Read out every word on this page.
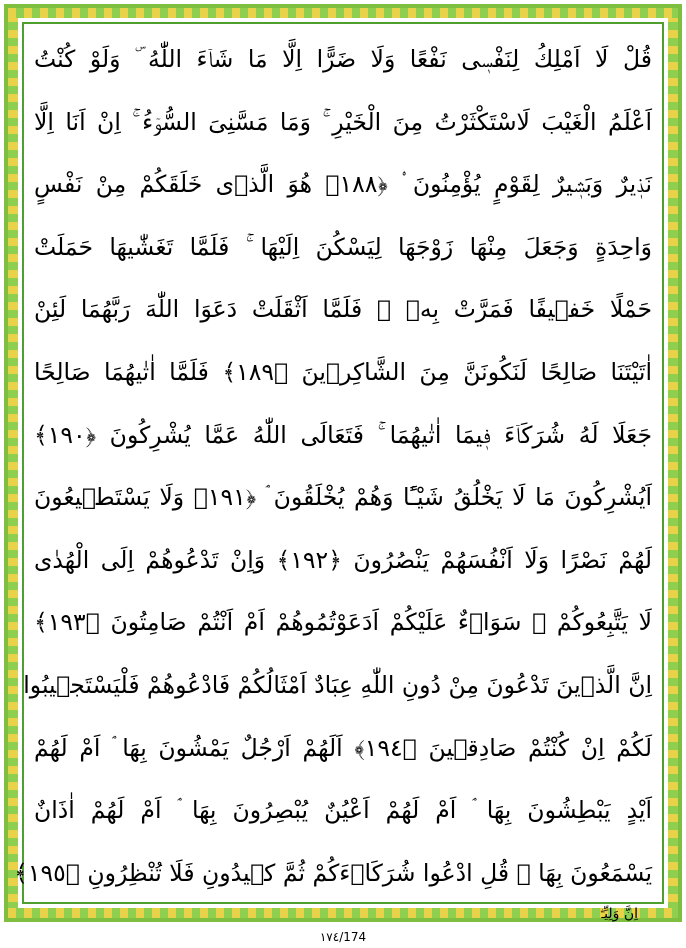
قُلْ لَا اَمْلِكُ لِنَفْسٖى نَفْعًا وَلَا ضَرًّا اِلَّا مَا شَاۤءَ اللّٰهُ ۜ وَلَوْ كُنْتُ
اَعْلَمُ الْغَيْبَ لَاسْتَكْثَرْتُ مِنَ الْخَيْرِ ۚ وَمَا مَسَّنِىَ السُّوۤءُ ۚ اِنْ اَنَا اِلَّا
نَذٖيرٌ وَبَشٖيرٌ لِقَوْمٍ يُؤْمِنُونَ ۟ ﴿١٨٨﴾ هُوَ الَّذٖى خَلَقَكُمْ مِنْ نَفْسٍ
وَاحِدَةٍ وَجَعَلَ مِنْهَا زَوْجَهَا لِيَسْكُنَ اِلَيْهَا ۚ فَلَمَّا تَغَشّٰيهَا حَمَلَتْ
حَمْلًا خَفٖيفًا فَمَرَّتْ بِهٖ ۚ فَلَمَّا اَثْقَلَتْ دَعَوَا اللّٰهَ رَبَّهُمَا لَئِنْ
اٰتَيْتَنَا صَالِحًا لَنَكُونَنَّ مِنَ الشَّاكِرٖينَ ﴿١٨٩﴾ فَلَمَّا اٰتٰيهُمَا صَالِحًا
جَعَلَا لَهُ شُرَكَاۤءَ فٖيمَا اٰتٰيهُمَا ۚ فَتَعَالَى اللّٰهُ عَمَّا يُشْرِكُونَ ﴿١٩٠﴾
اَيُشْرِكُونَ مَا لَا يَخْلُقُ شَيْـًٔا وَهُمْ يُخْلَقُونَ ۘ ﴿١٩١﴾ وَلَا يَسْتَطٖيعُونَ
لَهُمْ نَصْرًا وَلَا اَنْفُسَهُمْ يَنْصُرُونَ ﴿١٩٢﴾ وَاِنْ تَدْعُوهُمْ اِلَى الْهُدٰى
لَا يَتَّبِعُوكُمْ ۜ سَوَاۤءٌ عَلَيْكُمْ اَدَعَوْتُمُوهُمْ اَمْ اَنْتُمْ صَامِتُونَ ﴿١٩٣﴾
اِنَّ الَّذٖينَ تَدْعُونَ مِنْ دُونِ اللّٰهِ عِبَادٌ اَمْثَالُكُمْ فَادْعُوهُمْ فَلْيَسْتَجٖيبُوا
لَكُمْ اِنْ كُنْتُمْ صَادِقٖينَ ﴿١٩٤﴾ اَلَهُمْ اَرْجُلٌ يَمْشُونَ بِهَا ۘ اَمْ لَهُمْ
اَيْدٍ يَبْطِشُونَ بِهَا ۘ اَمْ لَهُمْ اَعْيُنٌ يُبْصِرُونَ بِهَا ۘ اَمْ لَهُمْ اٰذَانٌ
يَسْمَعُونَ بِهَا ۜ قُلِ ادْعُوا شُرَكَاۤءَكُمْ ثُمَّ كٖيدُونِ فَلَا تُنْظِرُونِ ﴿١٩٥﴾
اِنَّ وَلِيِّـَۧ
١٧٤/174
